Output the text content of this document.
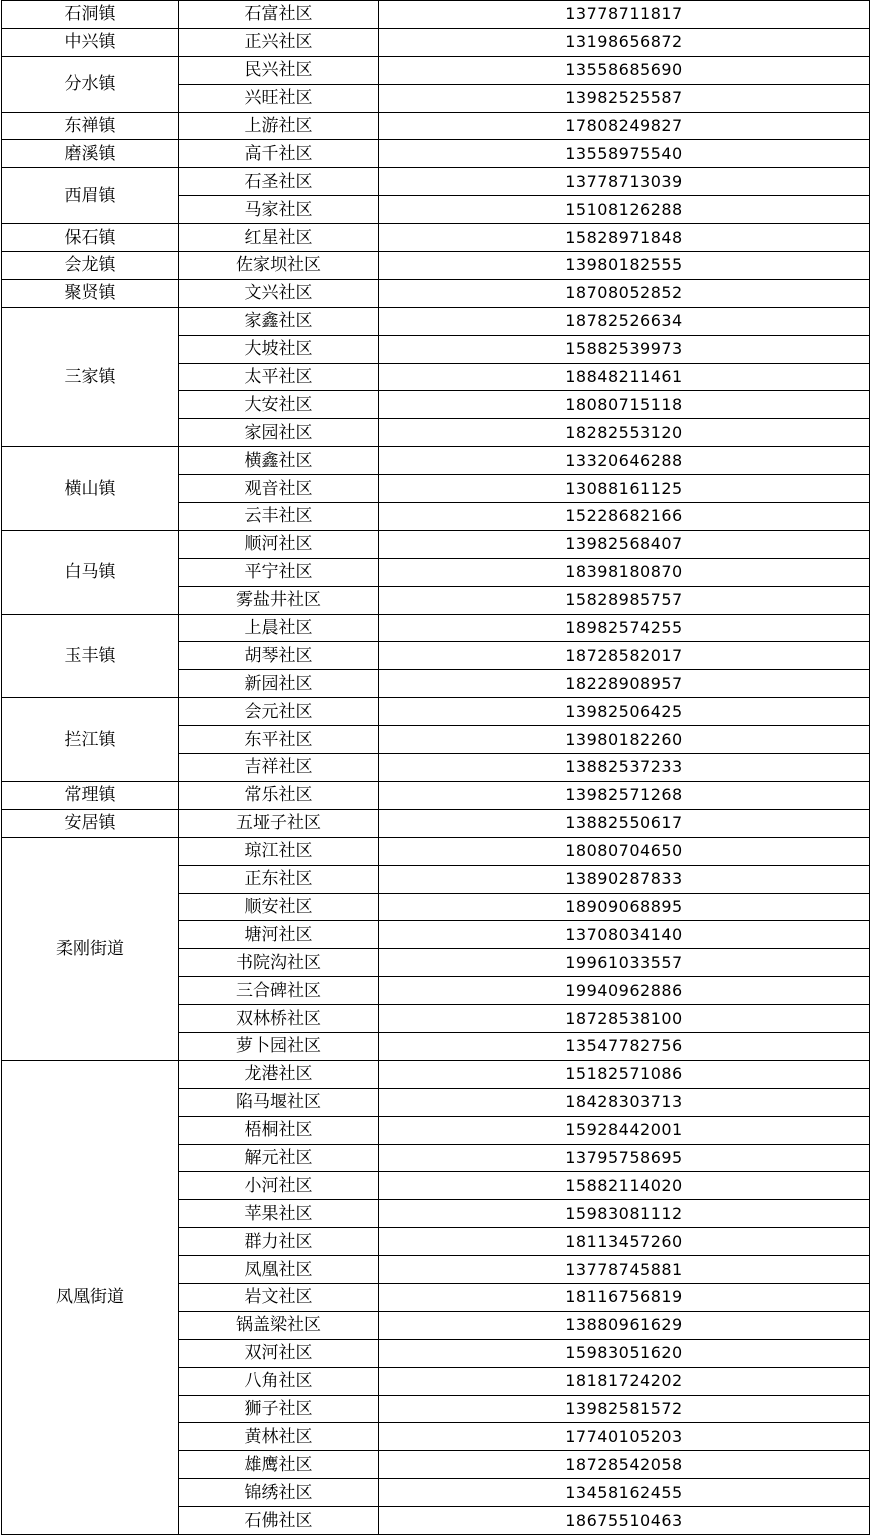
石洞镇	石富社区	13778711817
中兴镇	正兴社区	13198656872
分水镇	民兴社区	13558685690
	兴旺社区	13982525587
东禅镇	上游社区	17808249827
磨溪镇	高千社区	13558975540
西眉镇	石圣社区	13778713039
	马家社区	15108126288
保石镇	红星社区	15828971848
会龙镇	佐家坝社区	13980182555
聚贤镇	文兴社区	18708052852
三家镇	家鑫社区	18782526634
	大坡社区	15882539973
	太平社区	18848211461
	大安社区	18080715118
	家园社区	18282553120
横山镇	横鑫社区	13320646288
	观音社区	13088161125
	云丰社区	15228682166
白马镇	顺河社区	13982568407
	平宁社区	18398180870
	雾盐井社区	15828985757
玉丰镇	上晨社区	18982574255
	胡琴社区	18728582017
	新园社区	18228908957
拦江镇	会元社区	13982506425
	东平社区	13980182260
	吉祥社区	13882537233
常理镇	常乐社区	13982571268
安居镇	五垭子社区	13882550617
柔刚街道	琼江社区	18080704650
	正东社区	13890287833
	顺安社区	18909068895
	塘河社区	13708034140
	书院沟社区	19961033557
	三合碑社区	19940962886
	双林桥社区	18728538100
	萝卜园社区	13547782756
凤凰街道	龙港社区	15182571086
	陷马堰社区	18428303713
	梧桐社区	15928442001
	解元社区	13795758695
	小河社区	15882114020
	苹果社区	15983081112
	群力社区	18113457260
	凤凰社区	13778745881
	岩文社区	18116756819
	锅盖梁社区	13880961629
	双河社区	15983051620
	八角社区	18181724202
	狮子社区	13982581572
	黄林社区	17740105203
	雄鹰社区	18728542058
	锦绣社区	13458162455
	石佛社区	18675510463
